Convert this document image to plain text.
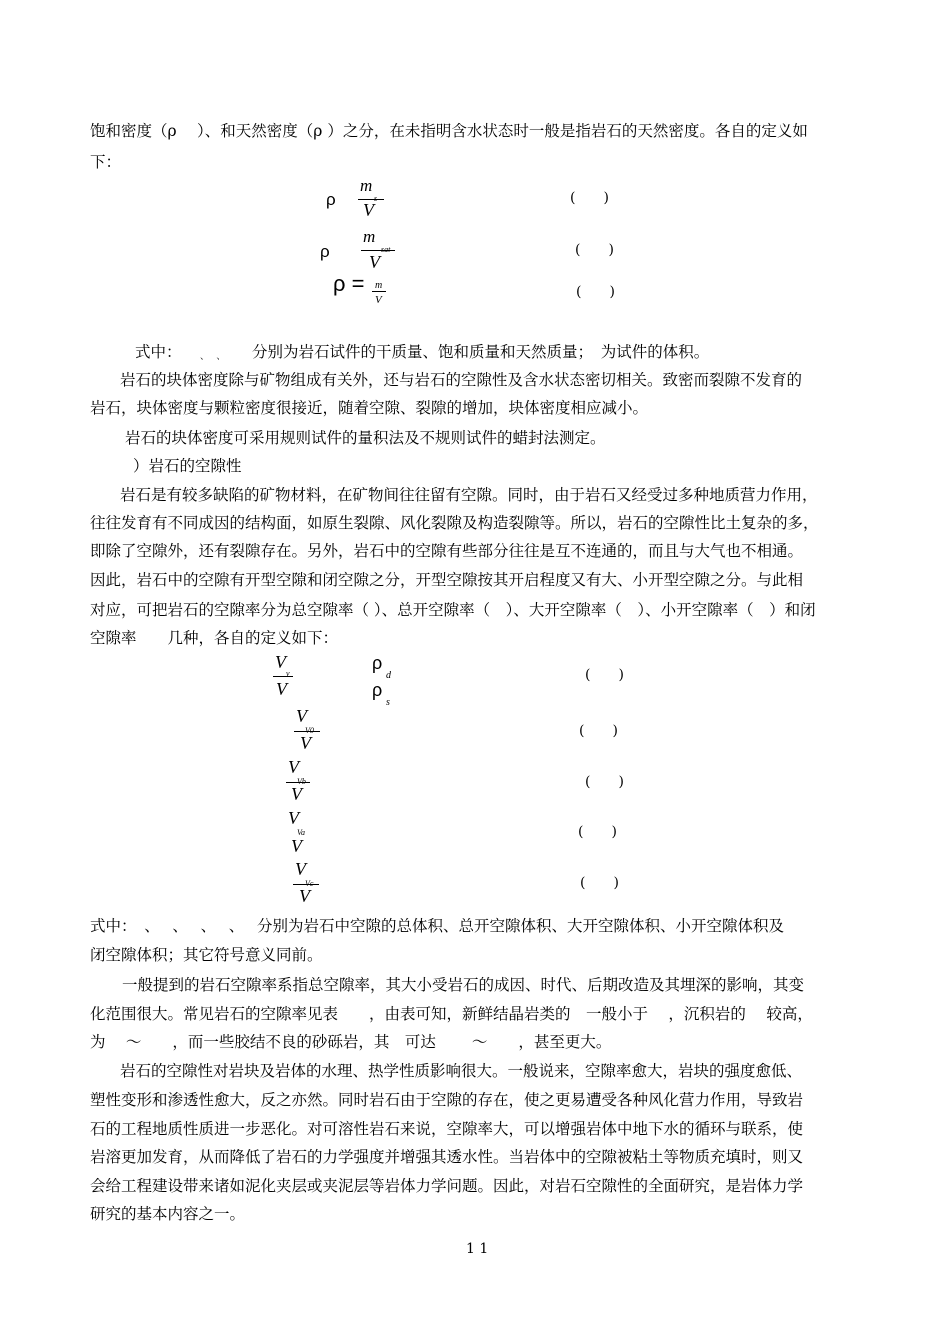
饱和密度（ρ　 ）、和天然密度（ρ ）之分，在未指明含水状态时一般是指岩石的天然密度。各自的定义如
下：
ρ
m
s
V
(　　)
ρ
m
sat
V
(　　)
ρ = m
V	(　　)
式中： 、　 、 分别为岩石试件的干质量、饱和质量和天然质量；　为试件的体积。
岩石的块体密度除与矿物组成有关外，还与岩石的空隙性及含水状态密切相关。致密而裂隙不发育的
岩石，块体密度与颗粒密度很接近，随着空隙、裂隙的增加，块体密度相应减小。
岩石的块体密度可采用规则试件的量积法及不规则试件的蜡封法测定。
）岩石的空隙性
岩石是有较多缺陷的矿物材料，在矿物间往往留有空隙。同时，由于岩石又经受过多种地质营力作用，
往往发育有不同成因的结构面，如原生裂隙、风化裂隙及构造裂隙等。所以，岩石的空隙性比土复杂的多，
即除了空隙外，还有裂隙存在。另外，岩石中的空隙有些部分往往是互不连通的，而且与大气也不相通。
因此，岩石中的空隙有开型空隙和闭空隙之分，开型空隙按其开启程度又有大、小开型空隙之分。与此相
对应，可把岩石的空隙率分为总空隙率（ ）、总开空隙率（　）、大开空隙率（　）、小开空隙率（　）和闭
空隙率　　几种，各自的定义如下：
V
v
V
ρ
d
ρ
s
(　　)
V
V0
V
(　　)
V
Vb
V
(　　)
V
Va
V
(　　)
V
Vc
V
(　　)
式中：　、　 、　 、　 、　 分别为岩石中空隙的总体积、总开空隙体积、大开空隙体积、小开空隙体积及
闭空隙体积；其它符号意义同前。
一般提到的岩石空隙率系指总空隙率，其大小受岩石的成因、时代、后期改造及其埋深的影响，其变
化范围很大。常见岩石的空隙率见表　　，由表可知，新鲜结晶岩类的　一般小于　 ，沉积岩的　 较高，
为　 ～　　，而一些胶结不良的砂砾岩，其　可达　　 ～　　，甚至更大。
岩石的空隙性对岩块及岩体的水理、热学性质影响很大。一般说来，空隙率愈大，岩块的强度愈低、
塑性变形和渗透性愈大，反之亦然。同时岩石由于空隙的存在，使之更易遭受各种风化营力作用，导致岩
石的工程地质性质进一步恶化。对可溶性岩石来说，空隙率大，可以增强岩体中地下水的循环与联系，使
岩溶更加发育，从而降低了岩石的力学强度并增强其透水性。当岩体中的空隙被粘土等物质充填时，则又
会给工程建设带来诸如泥化夹层或夹泥层等岩体力学问题。因此，对岩石空隙性的全面研究，是岩体力学
研究的基本内容之一。
1 1
